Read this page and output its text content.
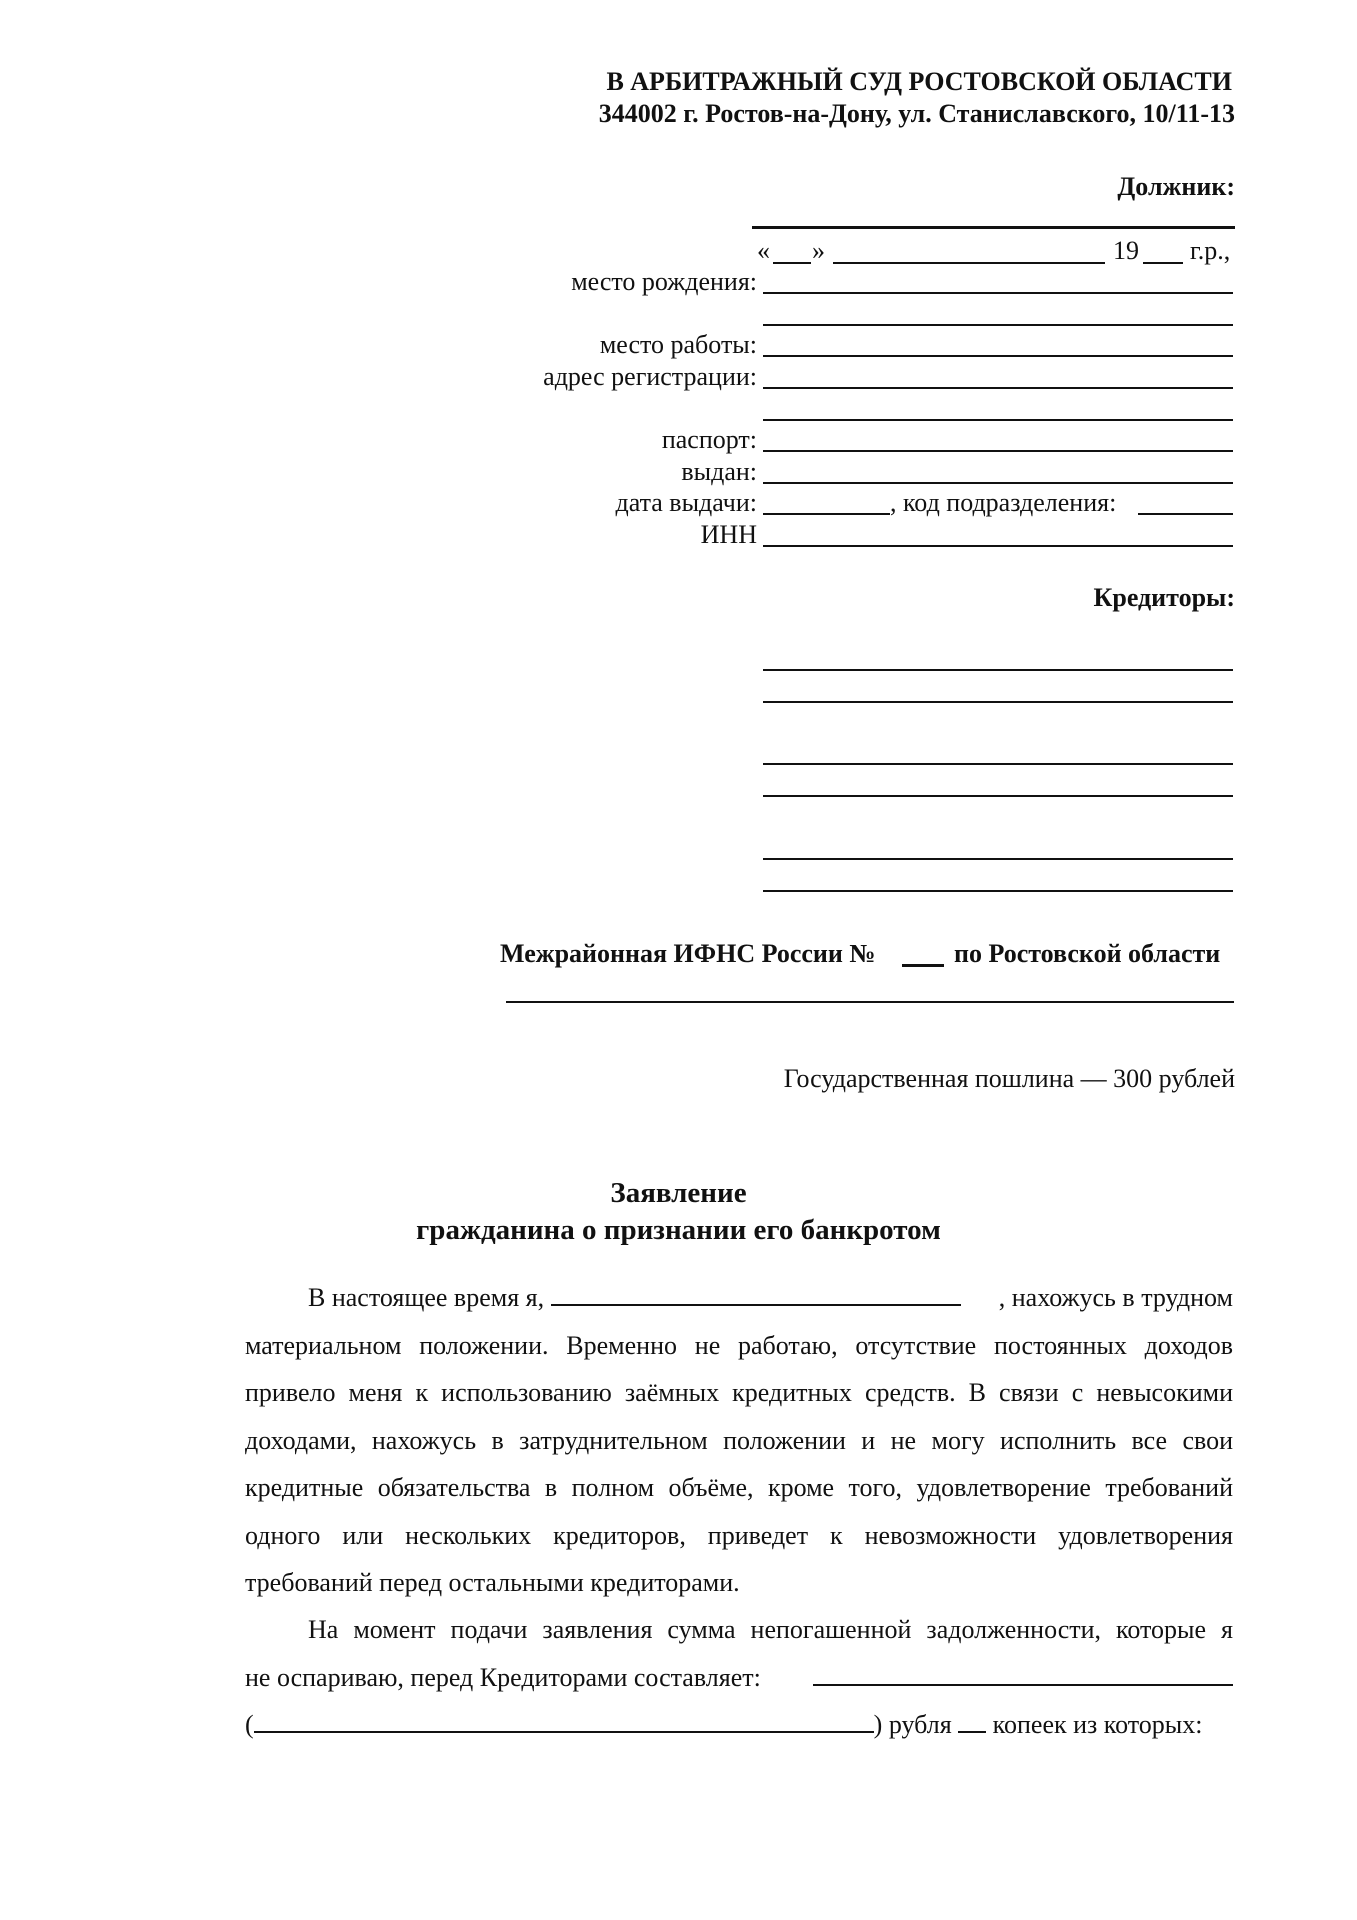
В АРБИТРАЖНЫЙ СУД РОСТОВСКОЙ ОБЛАСТИ
344002 г. Ростов-на-Дону, ул. Станиславского, 10/11-13
Должник:
« »	19 г.р.,
место рождения:
место работы:
адрес регистрации:
паспорт:
выдан:
дата выдачи:	, код подразделения:
ИНН
Кредиторы:
Межрайонная ИФНС России №	по Ростовской области
Государственная пошлина — 300 рублей
Заявление
гражданина о признании его банкротом
В настоящее время я,	, нахожусь в трудном
материальном положении. Временно не работаю, отсутствие постоянных доходов
привело меня к использованию заёмных кредитных средств. В связи с невысокими
доходами, нахожусь в затруднительном положении и не могу исполнить все свои
кредитные обязательства в полном объёме, кроме того, удовлетворение требований
одного или нескольких кредиторов, приведет к невозможности удовлетворения
требований перед остальными кредиторами.
На момент подачи заявления сумма непогашенной задолженности, которые я
не оспариваю, перед Кредиторами составляет:
(	) рубля копеек из которых:
